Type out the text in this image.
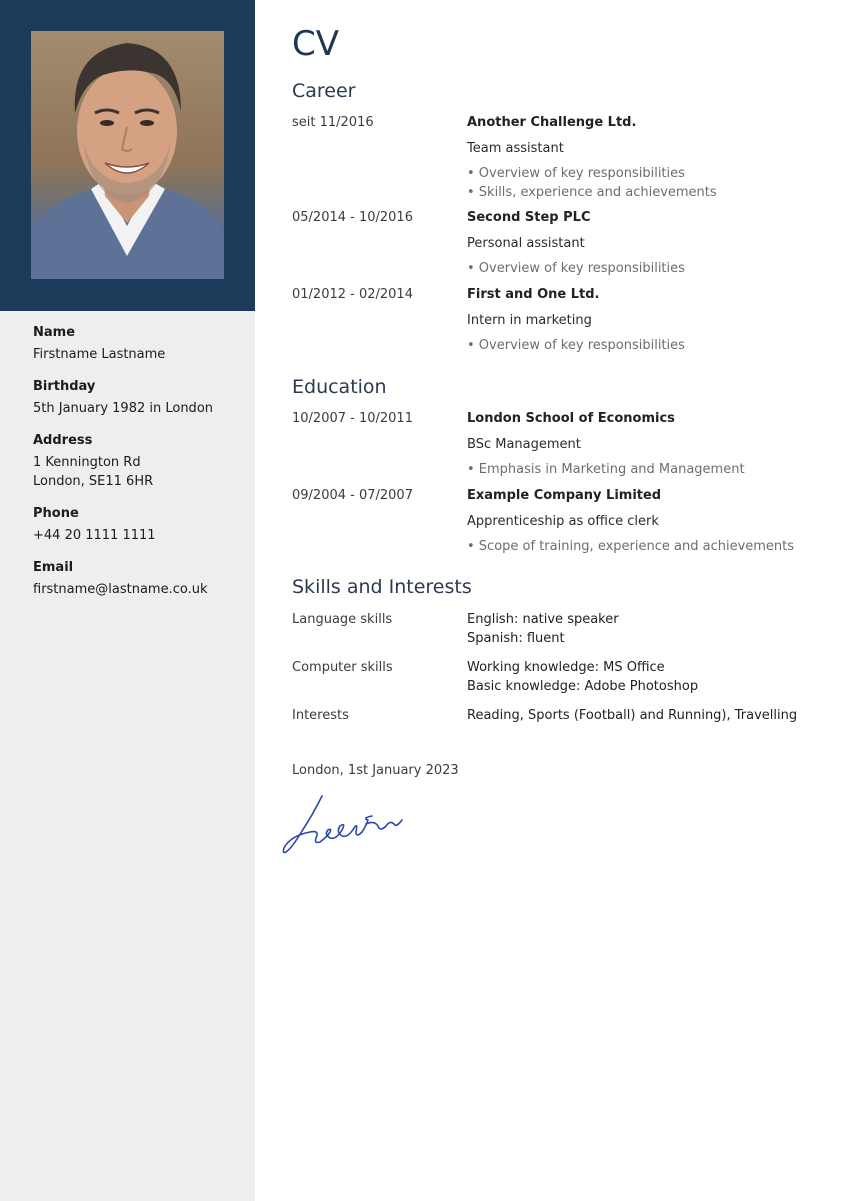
Name
Firstname Lastname
Birthday
5th January 1982 in London
Address
1 Kennington Rd
London, SE11 6HR
Phone
+44 20 1111 1111
Email
firstname@lastname.co.uk
CV
Career
seit 11/2016	Another Challenge Ltd.
Team assistant
• Overview of key responsibilities
• Skills, experience and achievements
05/2014 - 10/2016	Second Step PLC
Personal assistant
• Overview of key responsibilities
01/2012 - 02/2014	First and One Ltd.
Intern in marketing
• Overview of key responsibilities
Education
10/2007 - 10/2011	London School of Economics
BSc Management
• Emphasis in Marketing and Management
09/2004 - 07/2007	Example Company Limited
Apprenticeship as office clerk
• Scope of training, experience and achievements
Skills and Interests
Language skills	English: native speaker
Spanish: fluent
Computer skills	Working knowledge: MS Office
Basic knowledge: Adobe Photoshop
Interests	Reading, Sports (Football) and Running), Travelling
London, 1st January 2023
